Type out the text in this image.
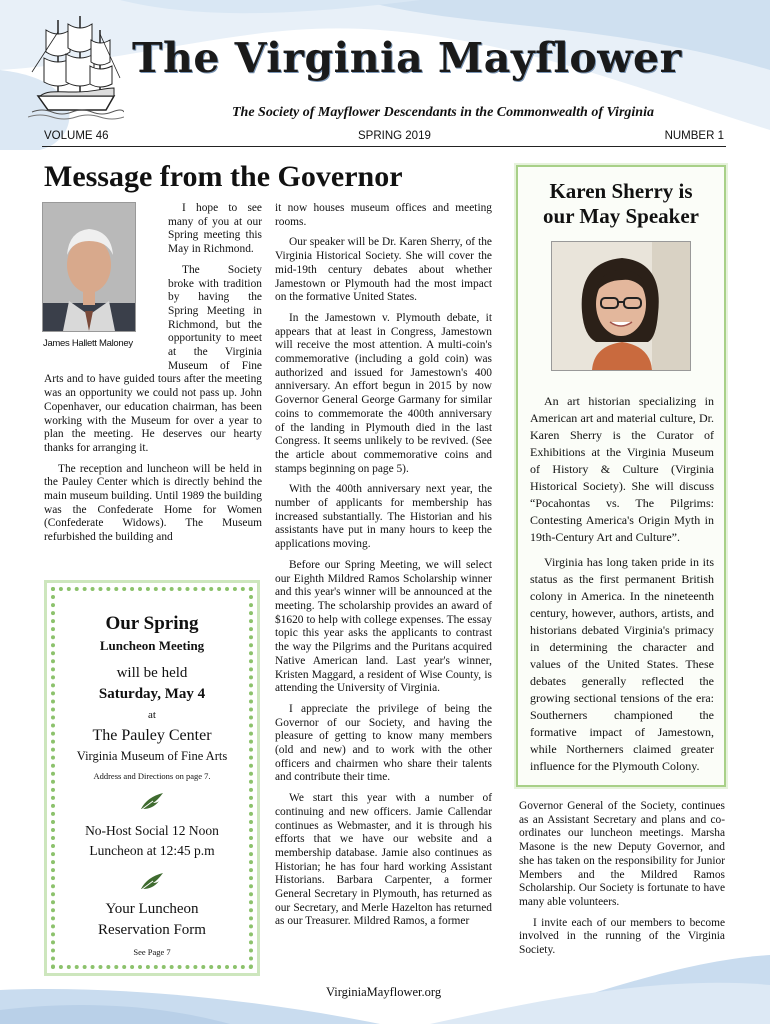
The Virginia Mayflower
The Society of Mayflower Descendants in the Commonwealth of Virginia
VOLUME 46	SPRING 2019	NUMBER 1
Message from the Governor

I hope to see many of you at our Spring meeting this May in Richmond.

The Society broke with tradition by having the Spring Meeting in Richmond, but the opportunity to meet at the Virginia Museum of Fine Arts and to have guided tours after the meeting was an opportunity we could not pass up. John Copenhaver, our education chairman, has been working with the Museum for over a year to plan the meeting. He deserves our hearty thanks for arranging it.

The reception and luncheon will be held in the Pauley Center which is directly behind the main museum building. Until 1989 the building was the Confederate Home for Women (Confederate Widows). The Museum refurbished the building and

James Hallett Maloney

it now houses museum offices and meeting rooms.

Our speaker will be Dr. Karen Sherry, of the Virginia Historical Society. She will cover the mid-19th century debates about whether Jamestown or Plymouth had the most impact on the formative United States.

In the Jamestown v. Plymouth debate, it appears that at least in Congress, Jamestown will receive the most attention. A multi-coin's commemorative (including a gold coin) was authorized and issued for Jamestown's 400 anniversary. An effort begun in 2015 by now Governor General George Garmany for similar coins to commemorate the 400th anniversary of the landing in Plymouth died in the last Congress. It seems unlikely to be revived. (See the article about commemorative coins and stamps beginning on page 5).

With the 400th anniversary next year, the number of applicants for membership has increased substantially. The Historian and his assistants have put in many hours to keep the applications moving.

Before our Spring Meeting, we will select our Eighth Mildred Ramos Scholarship winner and this year's winner will be announced at the meeting. The scholarship provides an award of $1620 to help with college expenses. The essay topic this year asks the applicants to contrast the way the Pilgrims and the Puritans acquired Native American land. Last year's winner, Kristen Maggard, a resident of Wise County, is attending the University of Virginia.

I appreciate the privilege of being the Governor of our Society, and having the pleasure of getting to know many members (old and new) and to work with the other officers and chairmen who share their talents and contribute their time.

We start this year with a number of continuing and new officers. Jamie Callendar continues as Webmaster, and it is through his efforts that we have our website and a membership database. Jamie also continues as Historian; he has four hard working Assistant Historians. Barbara Carpenter, a former General Secretary in Plymouth, has returned as our Secretary, and Merle Hazelton has returned as our Treasurer. Mildred Ramos, a former

Karen Sherry is
our May Speaker

An art historian specializing in American art and material culture, Dr. Karen Sherry is the Curator of Exhibitions at the Virginia Museum of History & Culture (Virginia Historical Society). She will discuss “Pocahontas vs. The Pilgrims: Contesting America's Origin Myth in 19th-Century Art and Culture”.

Virginia has long taken pride in its status as the first permanent British colony in America. In the nineteenth century, however, authors, artists, and historians debated Virginia's primacy in determining the character and values of the United States. These debates generally reflected the growing sectional tensions of the era: Southerners championed the formative impact of Jamestown, while Northerners claimed greater influence for the Plymouth Colony.

Governor General of the Society, continues as an Assistant Secretary and plans and co-ordinates our luncheon meetings. Marsha Masone is the new Deputy Governor, and she has taken on the responsibility for Junior Members and the Mildred Ramos Scholarship. Our Society is fortunate to have many able volunteers.

I invite each of our members to become involved in the running of the Virginia Society.

Our Spring
Luncheon Meeting
will be held
Saturday, May 4
at
The Pauley Center
Virginia Museum of Fine Arts
Address and Directions on page 7.
No-Host Social 12 Noon
Luncheon at 12:45 p.m
Your Luncheon
Reservation Form
See Page 7
VirginiaMayflower.org
